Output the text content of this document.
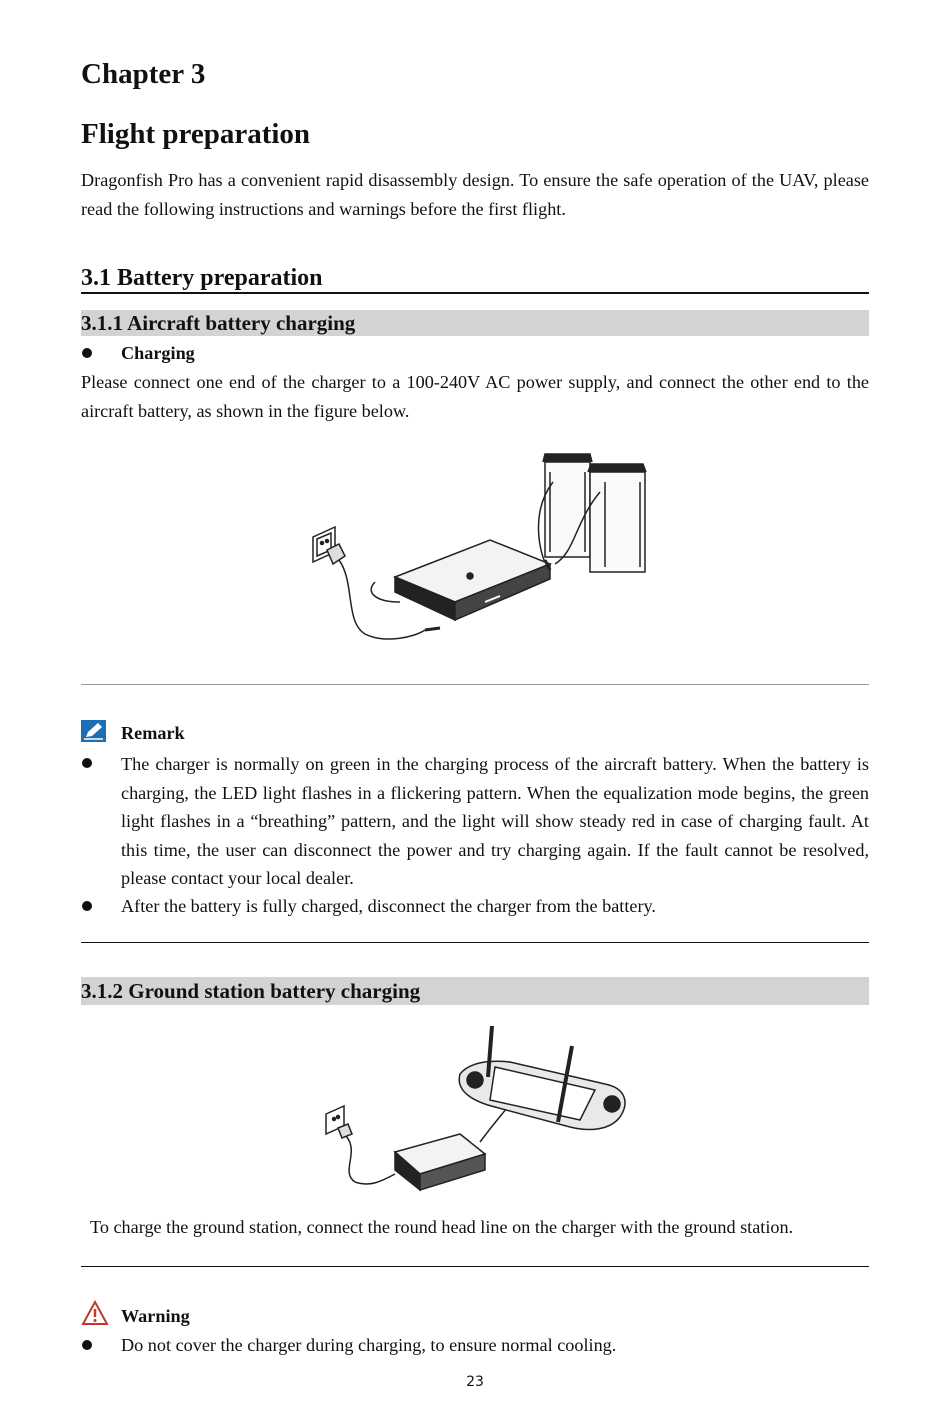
Chapter 3
Flight preparation
Dragonfish Pro has a convenient rapid disassembly design. To ensure the safe operation of the UAV, please read the following instructions and warnings before the first flight.
3.1 Battery preparation
3.1.1 Aircraft battery charging
Charging
Please connect one end of the charger to a 100-240V AC power supply, and connect the other end to the aircraft battery, as shown in the figure below.
Remark
The charger is normally on green in the charging process of the aircraft battery. When the battery is charging, the LED light flashes in a flickering pattern. When the equalization mode begins, the green light flashes in a “breathing” pattern, and the light will show steady red in case of charging fault. At this time, the user can disconnect the power and try charging again. If the fault cannot be resolved, please contact your local dealer.
After the battery is fully charged, disconnect the charger from the battery.
3.1.2 Ground station battery charging
To charge the ground station, connect the round head line on the charger with the ground station.
Warning
Do not cover the charger during charging, to ensure normal cooling.
23
